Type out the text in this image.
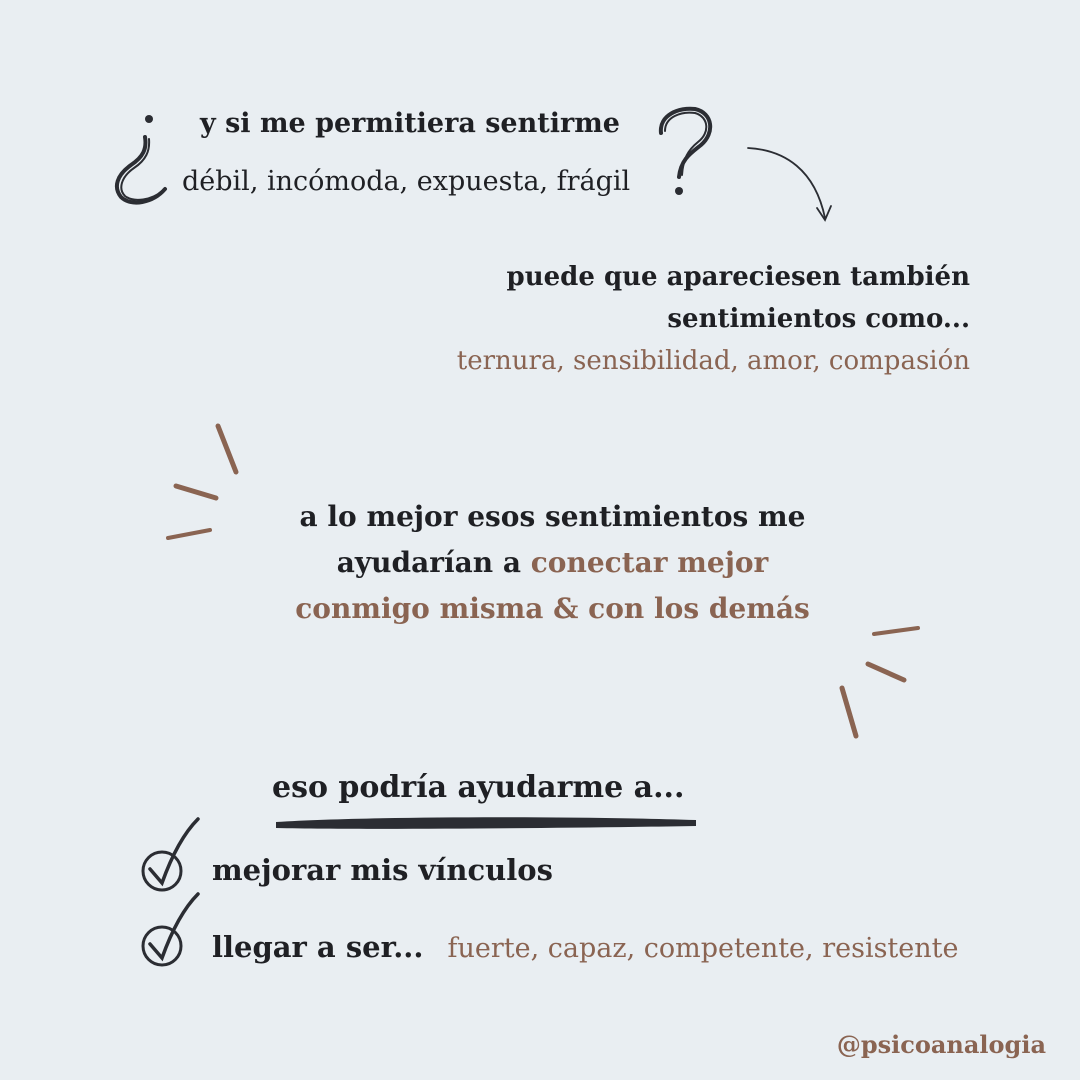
y si me permitiera sentirme
débil, incómoda, expuesta, frágil
puede que apareciesen también
sentimientos como...
ternura, sensibilidad, amor, compasión
a lo mejor esos sentimientos me
ayudarían a conectar mejor
conmigo misma & con los demás
eso podría ayudarme a...
mejorar mis vínculos
llegar a ser... fuerte, capaz, competente, resistente
@psicoanalogia
